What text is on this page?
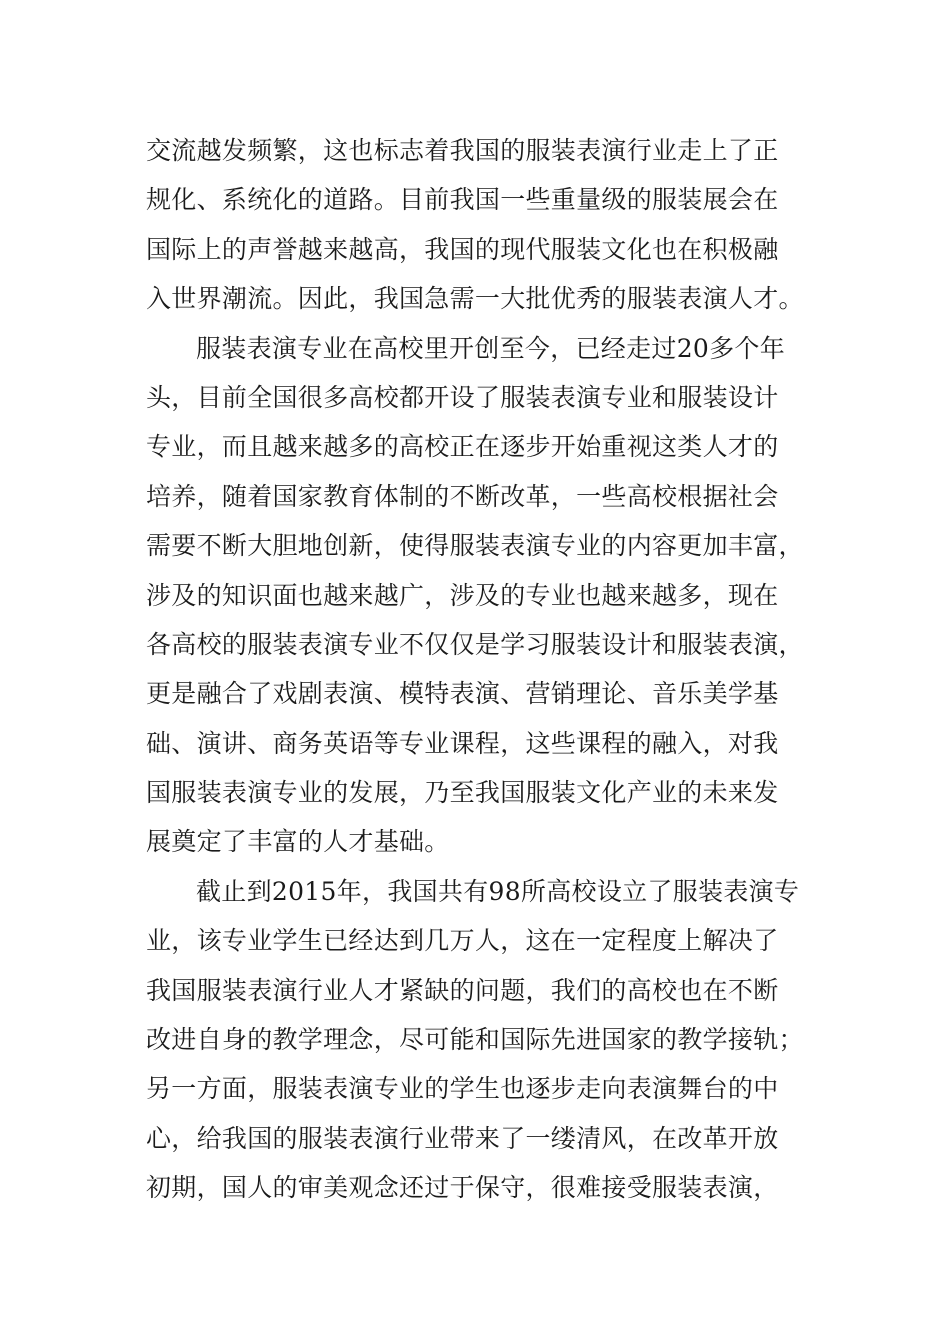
交流越发频繁，这也标志着我国的服装表演行业走上了正
规化、系统化的道路。目前我国一些重量级的服装展会在
国际上的声誉越来越高，我国的现代服装文化也在积极融
入世界潮流。因此，我国急需一大批优秀的服装表演人才。
服装表演专业在高校里开创至今，已经走过20多个年
头，目前全国很多高校都开设了服装表演专业和服装设计
专业，而且越来越多的高校正在逐步开始重视这类人才的
培养，随着国家教育体制的不断改革，一些高校根据社会
需要不断大胆地创新，使得服装表演专业的内容更加丰富，
涉及的知识面也越来越广，涉及的专业也越来越多，现在
各高校的服装表演专业不仅仅是学习服装设计和服装表演，
更是融合了戏剧表演、模特表演、营销理论、音乐美学基
础、演讲、商务英语等专业课程，这些课程的融入，对我
国服装表演专业的发展，乃至我国服装文化产业的未来发
展奠定了丰富的人才基础。
截止到2015年，我国共有98所高校设立了服装表演专
业，该专业学生已经达到几万人，这在一定程度上解决了
我国服装表演行业人才紧缺的问题，我们的高校也在不断
改进自身的教学理念，尽可能和国际先进国家的教学接轨；
另一方面，服装表演专业的学生也逐步走向表演舞台的中
心，给我国的服装表演行业带来了一缕清风，在改革开放
初期，国人的审美观念还过于保守，很难接受服装表演，
